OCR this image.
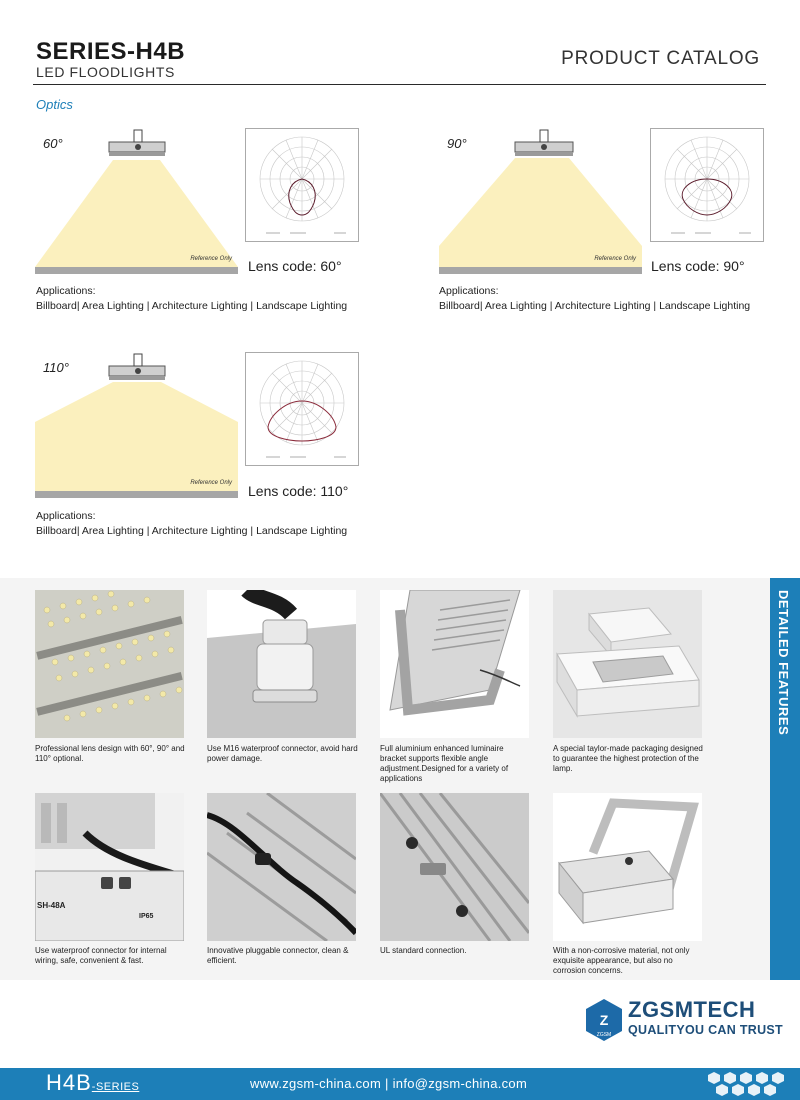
SERIES-H4B
LED FLOODLIGHTS
PRODUCT CATALOG
Optics
60°
Reference Only Lens code: 60°
Applications:
Billboard| Area Lighting | Architecture Lighting | Landscape Lighting
90°
Reference Only Lens code: 90°
Applications:
Billboard| Area Lighting | Architecture Lighting | Landscape Lighting
110°
Reference Only Lens code: 110°
Applications:
Billboard| Area Lighting | Architecture Lighting | Landscape Lighting
DETAILED FEATURES
Professional lens design with 60°, 90° and 110° optional.
Use M16 waterproof connector, avoid hard power damage.
Full aluminium enhanced luminaire bracket supports flexible angle adjustment.Designed for a variety of applications
A special taylor-made packaging designed to guarantee the highest protection of the lamp.
SH-48A
IP65
Use waterproof connector for internal wiring, safe, convenient & fast.
Innovative pluggable connector, clean & efficient.
UL standard connection.	With a non-corrosive material, not only exquisite appearance, but also no corrosion concerns.
Z
ZGSM
ZGSMTECH
QUALITYOU CAN TRUST
H4B-SERIES	www.zgsm-china.com | info@zgsm-china.com
